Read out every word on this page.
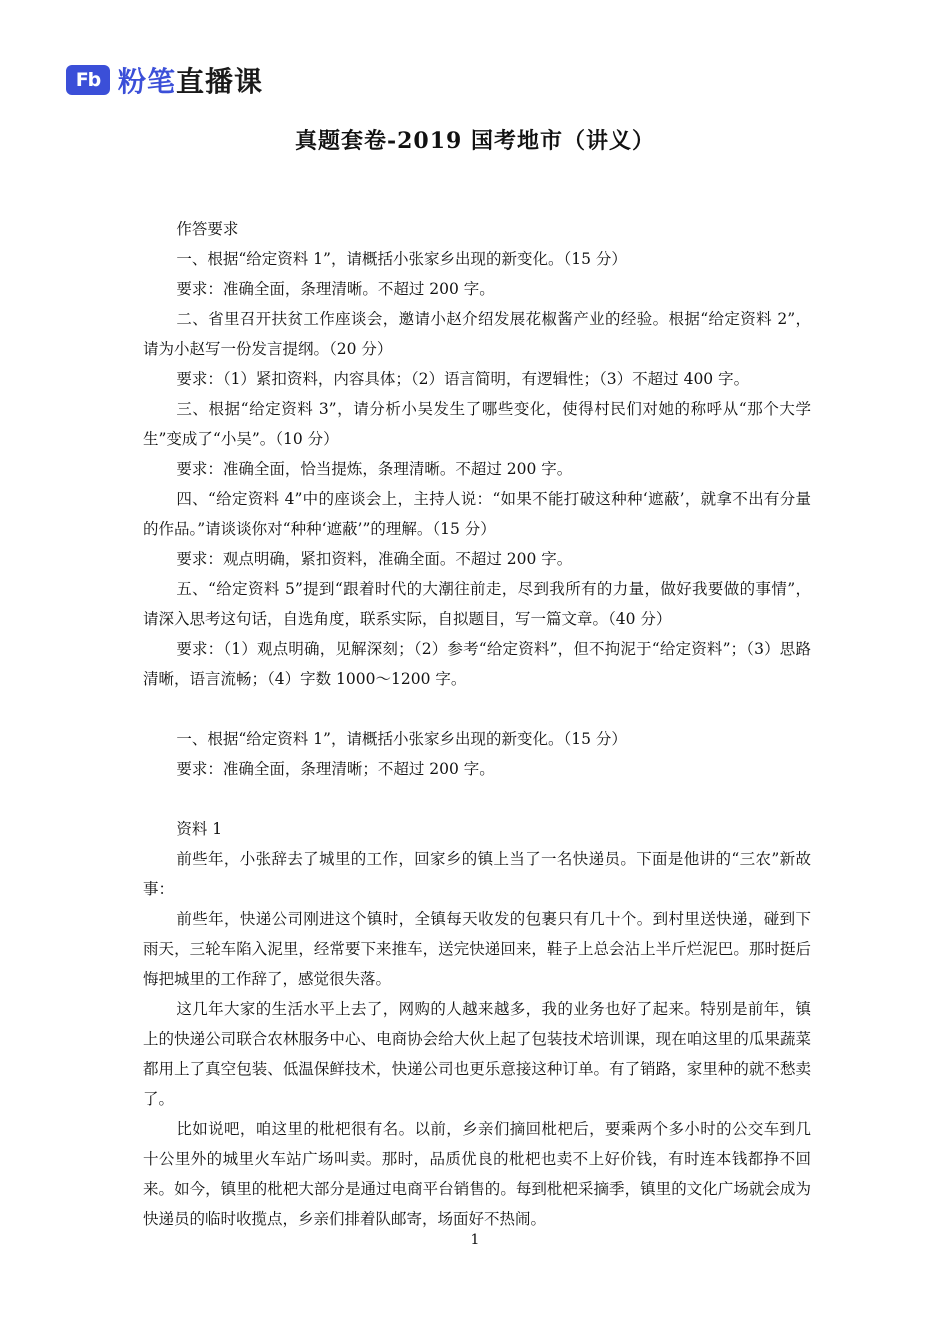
Fb 粉笔直播课
真题套卷-2019 国考地市（讲义）

作答要求

一、根据“给定资料 1”，请概括小张家乡出现的新变化。（15 分）

要求：准确全面，条理清晰。不超过 200 字。

二、省里召开扶贫工作座谈会，邀请小赵介绍发展花椒酱产业的经验。根据“给定资料 2”，请为小赵写一份发言提纲。（20 分）

要求：（1）紧扣资料，内容具体；（2）语言简明，有逻辑性；（3）不超过 400 字。

三、根据“给定资料 3”，请分析小吴发生了哪些变化，使得村民们对她的称呼从“那个大学生”变成了“小吴”。（10 分）

要求：准确全面，恰当提炼，条理清晰。不超过 200 字。

四、“给定资料 4”中的座谈会上，主持人说：“如果不能打破这种种‘遮蔽’，就拿不出有分量的作品。”请谈谈你对“种种‘遮蔽’”的理解。（15 分）

要求：观点明确，紧扣资料，准确全面。不超过 200 字。

五、“给定资料 5”提到“跟着时代的大潮往前走，尽到我所有的力量，做好我要做的事情”，请深入思考这句话，自选角度，联系实际，自拟题目，写一篇文章。（40 分）

要求：（1）观点明确，见解深刻；（2）参考“给定资料”，但不拘泥于“给定资料”；（3）思路清晰，语言流畅；（4）字数 1000～1200 字。

一、根据“给定资料 1”，请概括小张家乡出现的新变化。（15 分）

要求：准确全面，条理清晰；不超过 200 字。

资料 1

前些年，小张辞去了城里的工作，回家乡的镇上当了一名快递员。下面是他讲的“三农”新故事：

前些年，快递公司刚进这个镇时，全镇每天收发的包裹只有几十个。到村里送快递，碰到下雨天，三轮车陷入泥里，经常要下来推车，送完快递回来，鞋子上总会沾上半斤烂泥巴。那时挺后悔把城里的工作辞了，感觉很失落。

这几年大家的生活水平上去了，网购的人越来越多，我的业务也好了起来。特别是前年，镇上的快递公司联合农林服务中心、电商协会给大伙上起了包装技术培训课，现在咱这里的瓜果蔬菜都用上了真空包装、低温保鲜技术，快递公司也更乐意接这种订单。有了销路，家里种的就不愁卖了。

比如说吧，咱这里的枇杷很有名。以前，乡亲们摘回枇杷后，要乘两个多小时的公交车到几十公里外的城里火车站广场叫卖。那时，品质优良的枇杷也卖不上好价钱，有时连本钱都挣不回来。如今，镇里的枇杷大部分是通过电商平台销售的。每到枇杷采摘季，镇里的文化广场就会成为快递员的临时收揽点，乡亲们排着队邮寄，场面好不热闹。

1
